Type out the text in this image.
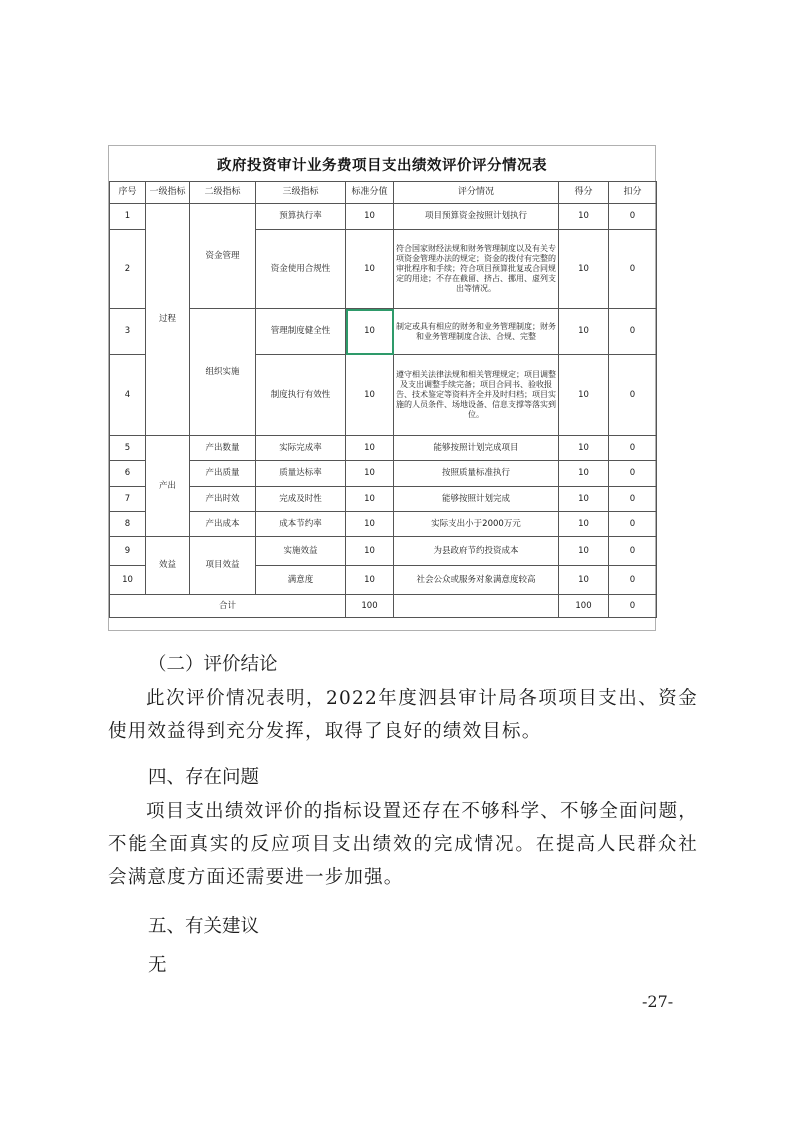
政府投资审计业务费项目支出绩效评价评分情况表
序号	一级指标	二级指标	三级指标	标准分值	评分情况	得分	扣分
1	过程	资金管理	预算执行率	10	项目预算资金按照计划执行	10	0
2			资金使用合规性	10	符合国家财经法规和财务管理制度以及有关专项资金管理办法的规定；资金的拨付有完整的审批程序和手续；符合项目预算批复或合同规定的用途；不存在截留、挤占、挪用、虚列支出等情况。	10	0
3		组织实施	管理制度健全性	10	制定或具有相应的财务和业务管理制度；财务和业务管理制度合法、合规、完整	10	0
4			制度执行有效性	10	遵守相关法律法规和相关管理规定；项目调整及支出调整手续完备；项目合同书、验收报告、技术鉴定等资料齐全并及时归档；项目实施的人员条件、场地设备、信息支撑等落实到位。	10	0
5	产出	产出数量	实际完成率	10	能够按照计划完成项目	10	0
6		产出质量	质量达标率	10	按照质量标准执行	10	0
7		产出时效	完成及时性	10	能够按照计划完成	10	0
8		产出成本	成本节约率	10	实际支出小于2000万元	10	0
9	效益	项目效益	实施效益	10	为县政府节约投资成本	10	0
10			满意度	10	社会公众或服务对象满意度较高	10	0
合计				100		100	0
（二）评价结论
此次评价情况表明，2022年度泗县审计局各项项目支出、资金使用效益得到充分发挥，取得了良好的绩效目标。
四、存在问题
项目支出绩效评价的指标设置还存在不够科学、不够全面问题，不能全面真实的反应项目支出绩效的完成情况。在提高人民群众社会满意度方面还需要进一步加强。
五、有关建议
无
-27-
